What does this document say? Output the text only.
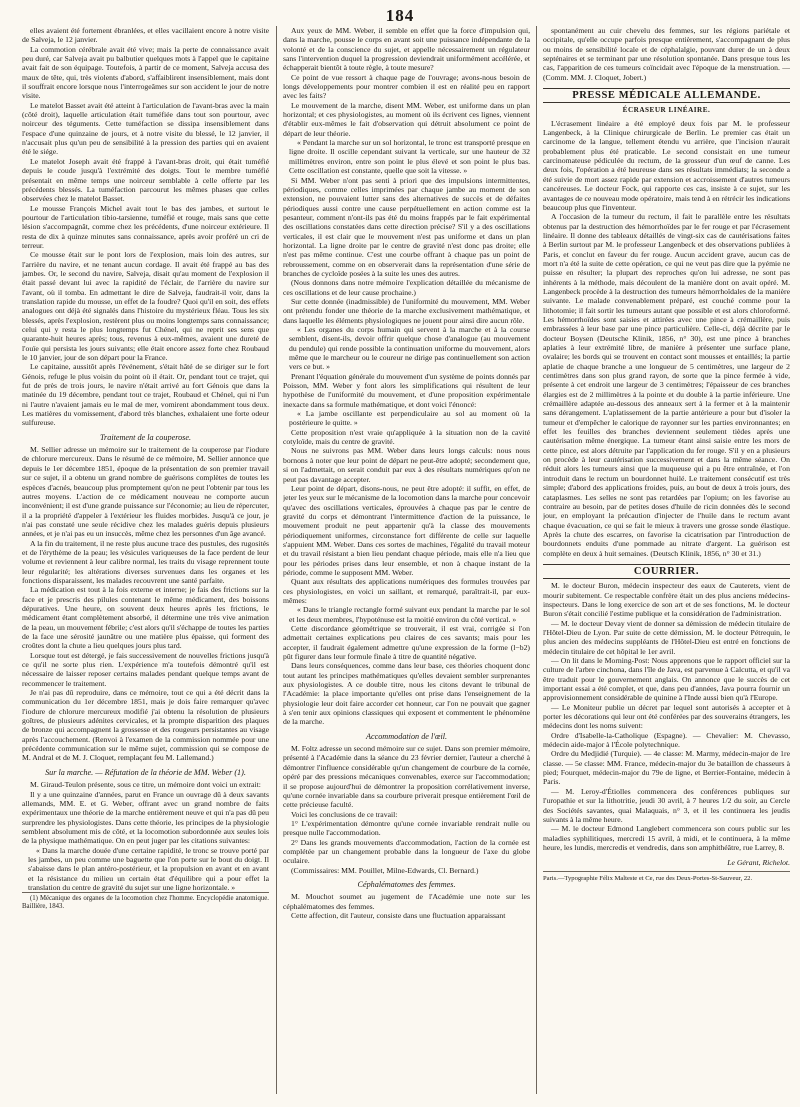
184

elles avaient été fortement ébranlées, et elles vacillaient encore à notre visite de Salveja, le 12 janvier.

La commotion cérébrale avait été vive; mais la perte de connaissance avait peu duré, car Salveja avait pu balbutier quelques mots à l'appel que le capitaine avait fait de son équipage. Toutefois, à partir de ce moment, Salveja accusa des maux de tête, qui, très violents d'abord, s'affaiblirent insensiblement, mais dont il souffrait encore lorsque nous l'interrogeâmes sur son accident le jour de notre visite.

Le matelot Basset avait été atteint à l'articulation de l'avant-bras avec la main (côté droit), laquelle articulation était tuméfiée dans tout son pourtour, avec noirceur des téguments. Cette tuméfaction se dissipa insensiblement dans l'espace d'une quinzaine de jours, et à notre visite du blessé, le 12 janvier, il n'accusait plus qu'un peu de sensibilité à la pression des parties qui en avaient été le siége.

Le matelot Joseph avait été frappé à l'avant-bras droit, qui était tuméfié depuis le coude jusqu'à l'extrémité des doigts. Tout le membre tuméfié présentait en même temps une noirceur semblable à celle offerte par les précédents blessés. La tuméfaction parcourut les mêmes phases que celles observées chez le matelot Basset.

Le mousse François Michel avait tout le bas des jambes, et surtout le pourtour de l'articulation tibio-tarsienne, tuméfié et rouge, mais sans que cette lésion s'accompagnât, comme chez les précédents, d'une noirceur extérieure. Il resta de dix à quinze minutes sans connaissance, après avoir proféré un cri de terreur.

Ce mousse était sur le pont lors de l'explosion, mais loin des autres, sur l'arrière du navire, et ne tenant aucun cordage. Il avait été frappé au bas des jambes. Or, le second du navire, Salveja, disait qu'au moment de l'explosion il était passé devant lui avec la rapidité de l'éclair, de l'arrière du navire sur l'avant, où il tomba. En admettant le dire de Salveja, faudrait-il voir, dans la translation rapide du mousse, un effet de la foudre? Quoi qu'il en soit, des effets analogues ont déjà été signalés dans l'histoire du mystérieux fléau. Tous les six blessés, après l'explosion, restèrent plus ou moins longtemps sans connaissance; celui qui y resta le plus longtemps fut Chénel, qui ne reprit ses sens que quarante-huit heures après; tous, revenus à eux-mêmes, avaient une dureté de l'ouïe qui persista les jours suivants; elle était encore assez forte chez Roubaud le 10 janvier, jour de son départ pour la France.

Le capitaine, aussitôt après l'événement, s'était hâté de se diriger sur le fort Génois, refuge le plus voisin du point où il était. Or, pendant tout ce trajet, qui fut de près de trois jours, le navire n'était arrivé au fort Génois que dans la matinée du 19 décembre, pendant tout ce trajet, Roubaud et Chénel, qui ni l'un ni l'autre n'avaient jamais eu le mal de mer, vomirent abondamment tous deux. Les matières du vomissement, d'abord très blanches, exhalaient une forte odeur sulfureuse.

Traitement de la couperose.

M. Sellier adresse un mémoire sur le traitement de la couperose par l'iodure de chlorure mercureux. Dans le résumé de ce mémoire, M. Sellier annonce que depuis le 1er décembre 1851, époque de la présentation de son premier travail sur ce sujet, il a obtenu un grand nombre de guérisons complètes de toutes les espèces d'acnés, beaucoup plus promptement qu'on ne peut l'obtenir par tous les autres moyens. L'action de ce médicament nouveau ne comporte aucun inconvénient; il est d'une grande puissance sur l'économie; au lieu de répercuter, il a la propriété d'appeler à l'extérieur les fluides morbides. Jusqu'à ce jour, je n'ai pas constaté une seule récidive chez les malades guéris depuis plusieurs années, et je n'ai pas eu un insuccès, même chez les personnes d'un âge avancé.

A la fin du traitement, il ne reste plus aucune trace des pustules, des rugosités et de l'érythème de la peau; les vésicules variqueuses de la face perdent de leur volume et reviennent à leur calibre normal, les traits du visage reprennent toute leur régularité; les altérations diverses survenues dans les organes et les fonctions disparaissent, les malades recouvrent une santé parfaite.

La médication est tout à la fois externe et interne; je fais des frictions sur la face et je prescris des pilules contenant le même médicament, des boissons dépuratives. Une heure, on souvent deux heures après les frictions, le médicament étant complètement absorbé, il détermine une très vive animation de la peau, un mouvement fébrile; c'est alors qu'il s'échappe de toutes les parties de la face une sérosité jaunâtre ou une matière plus épaisse, qui forment des croûtes dont la chute a lieu quelques jours plus tard.

Lorsque tout est détergé, je fais successivement de nouvelles frictions jusqu'à ce qu'il ne sorte plus rien. L'expérience m'a toutefois démontré qu'il est nécessaire de laisser reposer certains malades pendant quelque temps avant de recommencer le traitement.

Je n'ai pas dû reproduire, dans ce mémoire, tout ce qui a été décrit dans la communication du 1er décembre 1851, mais je dois faire remarquer qu'avec l'iodure de chlorure mercureux modifié j'ai obtenu la résolution de plusieurs goîtres, de plusieurs adénites cervicales, et la prompte disparition des plaques de bronze qui accompagnent la grossesse et des rougeurs persistantes au visage après l'accouchement. (Renvoi à l'examen de la commission nommée pour une précédente communication sur le même sujet, commission qui se compose de M. Andral et de M. J. Cloquet, remplaçant feu M. Lallemand.)

Sur la marche. — Réfutation de la théorie de MM. Weber (1).

M. Giraud-Teulon présente, sous ce titre, un mémoire dont voici un extrait:

Il y a une quinzaine d'années, parut en France un ouvrage dû à deux savants allemands, MM. E. et G. Weber, offrant avec un grand nombre de faits expérimentaux une théorie de la marche entièrement neuve et qui n'a pas dû peu surprendre les physiologistes. Dans cette théorie, les principes de la physiologie semblent absolument mis de côté, et la locomotion subordonnée aux seules lois de la physique mathématique. On en peut juger par les citations suivantes:

« Dans la marche douée d'une certaine rapidité, le tronc se trouve porté par les jambes, un peu comme une baguette que l'on porte sur le bout du doigt. Il s'abaisse dans le plan antéro-postérieur, et la propulsion en avant et en avant et la résistance du milieu un certain état d'équilibre qui a pour effet la translation du centre de gravité du sujet sur une ligne horizontale. »

(1) Mécanique des organes de la locomotion chez l'homme. Encyclopédie anatomique. Baillière, 1843.

Aux yeux de MM. Weber, il semble en effet que la force d'impulsion qui, dans la marche, pousse le corps en avant soit une puissance indépendante de la volonté et de la conscience du sujet, et appelle nécessairement un régulateur sans l'intervention duquel la progression deviendrait uniformément accélérée, et échapperait bientôt à toute règle, à toute mesure?

Ce point de vue ressort à chaque page de l'ouvrage; avons-nous besoin de longs développements pour montrer combien il est en réalité peu en rapport avec les faits?

Le mouvement de la marche, disent MM. Weber, est uniforme dans un plan horizontal; et ces physiologistes, au moment où ils écrivent ces lignes, viennent d'établir eux-mêmes le fait d'observation qui détruit absolument ce point de départ de leur théorie.

« Pendant la marche sur un sol horizontal, le tronc est transporté presque en ligne droite. Il oscille cependant suivant la verticale, sur une hauteur de 32 millimètres environ, entre son point le plus élevé et son point le plus bas. Cette oscillation est constante, quelle que soit la vitesse. »

Si MM. Weber n'ont pas senti à priori que des impulsions intermittentes, périodiques, comme celles imprimées par chaque jambe au moment de son extension, ne pouvaient lutter sans des alternatives de succès et de défaites périodiques aussi contre une cause perpétuellement en action comme est la pesanteur, comment n'ont-ils pas été du moins frappés par le fait expérimental des oscillations constatées dans cette direction précise? S'il y a des oscillations verticales, il est clair que le mouvement n'est pas uniforme et dans un plan horizontal. La ligne droite par le centre de gravité n'est donc pas droite; elle n'est pas même continue. C'est une courbe offrant à chaque pas un point de rebroussement, comme on en observerait dans la représentation d'une série de branches de cycloïde posées à la suite les unes des autres.

(Nous donnons dans notre mémoire l'explication détaillée du mécanisme de ces oscillations et de leur cause prochaine.)

Sur cette donnée (inadmissible) de l'uniformité du mouvement, MM. Weber ont prétendu fonder une théorie de la marche exclusivement mathématique, et dans laquelle les éléments physiologiques ne jouent pour ainsi dire aucun rôle.

« Les organes du corps humain qui servent à la marche et à la course semblent, disent-ils, devoir offrir quelque chose d'analogue (au mouvement du pendule) qui rende possible la continuation uniforme du mouvement, alors même que le marcheur ou le coureur ne dirige pas continuellement son action vers ce but. »

Prenant l'équation générale du mouvement d'un système de points donnés par Poisson, MM. Weber y font alors les simplifications qui résultent de leur hypothèse de l'uniformité du mouvement, et d'une proposition expérimentale inexacte dans sa formule mathématique, et dont voici l'énoncé:

« La jambe oscillante est perpendiculaire au sol au moment où la postérieure le quitte. »

Cette proposition n'est vraie qu'appliquée à la situation non de la cavité cotyloïde, mais du centre de gravité.

Nous ne suivrons pas MM. Weber dans leurs longs calculs: nous nous bornons à noter que leur point de départ ne peut-être adopté; secondement que, si on l'admettait, on serait conduit par eux à des résultats numériques qu'on ne peut pas davantage accepter.

Leur point de départ, disons-nous, ne peut être adopté: il suffit, en effet, de jeter les yeux sur le mécanisme de la locomotion dans la marche pour concevoir qu'avec des oscillations verticales, éprouvées à chaque pas par le centre de gravité du corps et démontrant l'intermittence d'action de la puissance, le mouvement produit ne peut appartenir qu'à la classe des mouvements périodiquement uniformes, circonstance fort différente de celle sur laquelle s'appuient MM. Weber. Dans ces sortes de machines, l'égalité du travail moteur et du travail résistant a bien lieu pendant chaque période, mais elle n'a lieu que pour les périodes prises dans leur ensemble, et non à chaque instant de la période, comme le supposent MM. Weber.

Quant aux résultats des applications numériques des formules trouvées par ces physiologistes, en voici un saillant, et remarqué, paraîtrait-il, par eux-mêmes:

« Dans le triangle rectangle formé suivant eux pendant la marche par le sol et les deux membres, l'hypoténuse est la moitié environ du côté vertical. »

Cette discordance géométrique se trouverait, il est vrai, corrigée si l'on admettait certaines explications peu claires de ces savants; mais pour les accepter, il faudrait également admettre qu'une expression de la forme (l−b2) pût figurer dans leur formule finale à titre de quantité négative.

Dans leurs conséquences, comme dans leur base, ces théories choquent donc tout autant les principes mathématiques qu'elles devaient sembler surprenantes aux physiologistes. A ce double titre, nous les citons devant le tribunal de l'Académie: la place importante qu'elles ont prise dans l'enseignement de la physiologie leur doit faire accorder cet honneur, car l'on ne pouvait que gagner à s'en tenir aux opinions classiques qui exposent et commentent le phénomène de la marche.

Accommodation de l'œil.

M. Foltz adresse un second mémoire sur ce sujet. Dans son premier mémoire, présenté à l'Académie dans la séance du 23 février dernier, l'auteur a cherché à démontrer l'influence considérable qu'un changement de courbure de la cornée, opéré par des pressions mécaniques convenables, exerce sur l'accommodation; il se propose aujourd'hui de démontrer la proposition corrélativement inverse, qu'une cornée invariable dans sa courbure priverait presque entièrement l'œil de cette précieuse faculté.

Voici les conclusions de ce travail:

1° L'expérimentation démontre qu'une cornée invariable rendrait nulle ou presque nulle l'accommodation.

2° Dans les grands mouvements d'accommodation, l'action de la cornée est complétée par un changement probable dans la longueur de l'axe du globe oculaire.

(Commissaires: MM. Pouillet, Milne-Edwards, Cl. Bernard.)

Céphalématomes des femmes.

M. Mouchot soumet au jugement de l'Académie une note sur les céphalématomes des femmes.

Cette affection, dit l'auteur, consiste dans une fluctuation apparaissant

spontanément au cuir chevelu des femmes, sur les régions pariétale et occipitale, qu'elle occupe parfois presque entièrement, s'accompagnant de plus ou moins de sensibilité locale et de céphalalgie, pouvant durer de un à deux septénaires et se terminant par une résolution spontanée. Dans presque tous les cas, l'apparition de ces tumeurs coïncidait avec l'époque de la menstruation. — (Comm. MM. J. Cloquet, Jobert.)

PRESSE MÉDICALE ALLEMANDE.
ÉCRASEUR LINÉAIRE.

L'écrasement linéaire a été employé deux fois par M. le professeur Langenbeck, à la Clinique chirurgicale de Berlin. Le premier cas était un carcinome de la langue, tellement étendu vu arrière, que l'incision n'aurait probablement plus été praticable. Le second consistait en une tumeur carcinomateuse pédiculée du rectum, de la grosseur d'un œuf de canne. Les deux fois, l'opération a été heureuse dans ses résultats immédiats; la seconde a été suivie de mort assez rapide par extension et accroissement d'autres tumeurs cancéreuses. Le docteur Fock, qui rapporte ces cas, insiste à ce sujet, sur les avantages de ce nouveau mode opératoire, mais tend à en rétrécir les indications beaucoup plus que l'inventeur.

A l'occasion de la tumeur du rectum, il fait le parallèle entre les résultats obtenus par la destruction des hémorrhoïdes par le fer rouge et par l'écrasement linéaire. Il donne des tableaux détaillés de vingt-six cas de cautérisations faites à Berlin surtout par M. le professeur Langenbeck et des observations publiées à Paris, et conclut en faveur du fer rouge. Aucun accident grave, aucun cas de mort n'a été la suite de cette opération, ce qui ne veut pas dire que la pyémie ne puisse en résulter; la plupart des reproches qu'on lui adresse, ne sont pas inhérents à la méthode, mais découlent de la manière dont on avait opéré. M. Langenbeck procède à la destruction des tumeurs hémorrhoïdales de la manière suivante. Le malade convenablement préparé, est couché comme pour la lithotomie; il fait sortir les tumeurs autant que possible et est alors chloroformé. Les hémorrhoïdes sont saisies et attirées avec une pince à crémaillère, puis embrassées à leur base par une pince particulière. Celle-ci, déjà décrite par le docteur Boysen (Deutsche Klinik, 1856, n° 30), est une pince à branches aplaties à leur extrémité libre, de manière à présenter une surface plane, ovalaire; les bords qui se trouvent en contact sont mousses et entaillés; la partie aplatie de chaque branche a une longueur de 5 centimètres, une largeur de 2 centimètres dans son plus grand rayon, de sorte que la pince fermée à vide, présente à cet endroit une largeur de 3 centimètres; l'épaisseur de ces branches élargies est de 2 millimètres à la pointe et du double à la partie inférieure. Une crémaillère adaptée au-dessous des anneaux sert à la fermer et à la maintenir sans dérangement. L'aplatissement de la partie antérieure a pour but d'isoler la tumeur et d'empêcher le calorique de rayonner sur les parties environnantes; en effet les feuilles des branches deviennent seulement tièdes après une cautérisation même énergique. La tumeur étant ainsi saisie entre les mors de cette pince, est alors détruite par l'application du fer rouge. S'il y en a plusieurs on procède à leur cautérisation successivement et dans la même séance. On réduit alors les tumeurs ainsi que la muqueuse qui a pu être entraînée, et l'on introduit dans le rectum un bourdonnet huilé. Le traitement consécutif est très simple; d'abord des applications froides, puis, au bout de deux à trois jours, des cataplasmes. Les selles ne sont pas retardées par l'opium; on les favorise au contraire au besoin, par de petites doses d'huile de ricin données dès le second jour, en employant la précaution d'injecter de l'huile dans le rectum avant chaque évacuation, ce qui se fait le mieux à travers une grosse sonde élastique. Après la chute des escarres, on favorise la cicatrisation par l'introduction de bourdonnets enduits d'une pommade au nitrate d'argent. La guérison est complète en deux à huit semaines. (Deutsch Klinik, 1856, n° 30 et 31.)

COURRIER.

M. le docteur Buron, médecin inspecteur des eaux de Cauterets, vient de mourir subitement. Ce respectable confrère était un des plus anciens médecins-inspecteurs. Dans le long exercice de son art et de ses fonctions, M. le docteur Buron s'était concilié l'estime publique et la considération de l'administration.

— M. le docteur Devay vient de donner sa démission de médecin titulaire de l'Hôtel-Dieu de Lyon. Par suite de cette démission, M. le docteur Pétrequin, le plus ancien des médecins suppléants de l'Hôtel-Dieu est entré en fonctions de médecin titulaire de cet hôpital le 1er avril.

— On lit dans le Morning-Post: Nous apprenons que le rapport officiel sur la culture de l'arbre cinchona, dans l'île de Java, est parvenue à Calcutta, et qu'il va être traduit pour le gouvernement anglais. On annonce que le succès de cet important essai a été complet, et que, dans peu d'années, Java pourra fournir un approvisionnement considérable de quinine à l'Inde aussi bien qu'à l'Europe.

— Le Moniteur publie un décret par lequel sont autorisés à accepter et à porter les décorations qui leur ont été conférées par des souverains étrangers, les médecins dont les noms suivent:

Ordre d'Isabelle-la-Catholique (Espagne). — Chevalier: M. Chevasso, médecin aide-major à l'École polytechnique.

Ordre du Medjidié (Turquie). — 4e classe: M. Marmy, médecin-major de 1re classe. — 5e classe: MM. France, médecin-major du 3e bataillon de chasseurs à pied; Fourquet, médecin-major du 79e de ligne, et Berrier-Fontaine, médecin à Paris.

— M. Leroy-d'Étiolles commencera des conférences publiques sur l'uropathie et sur la lithotritie, jeudi 30 avril, à 7 heures 1/2 du soir, au Cercle des Sociétés savantes, quai Malaquais, n° 3, et il les continuera les jeudis suivants à la même heure.

— M. le docteur Edmond Langlebert commencera son cours public sur les maladies syphilitiques, mercredi 15 avril, à midi, et le continuera, à la même heure, les lundis, mercredis et vendredis, dans son amphithéâtre, rue Larrey, 8.

Le Gérant, Richelot.

Paris.—Typographie Félix Malteste et Ce, rue des Deux-Portes-St-Sauveur, 22.
